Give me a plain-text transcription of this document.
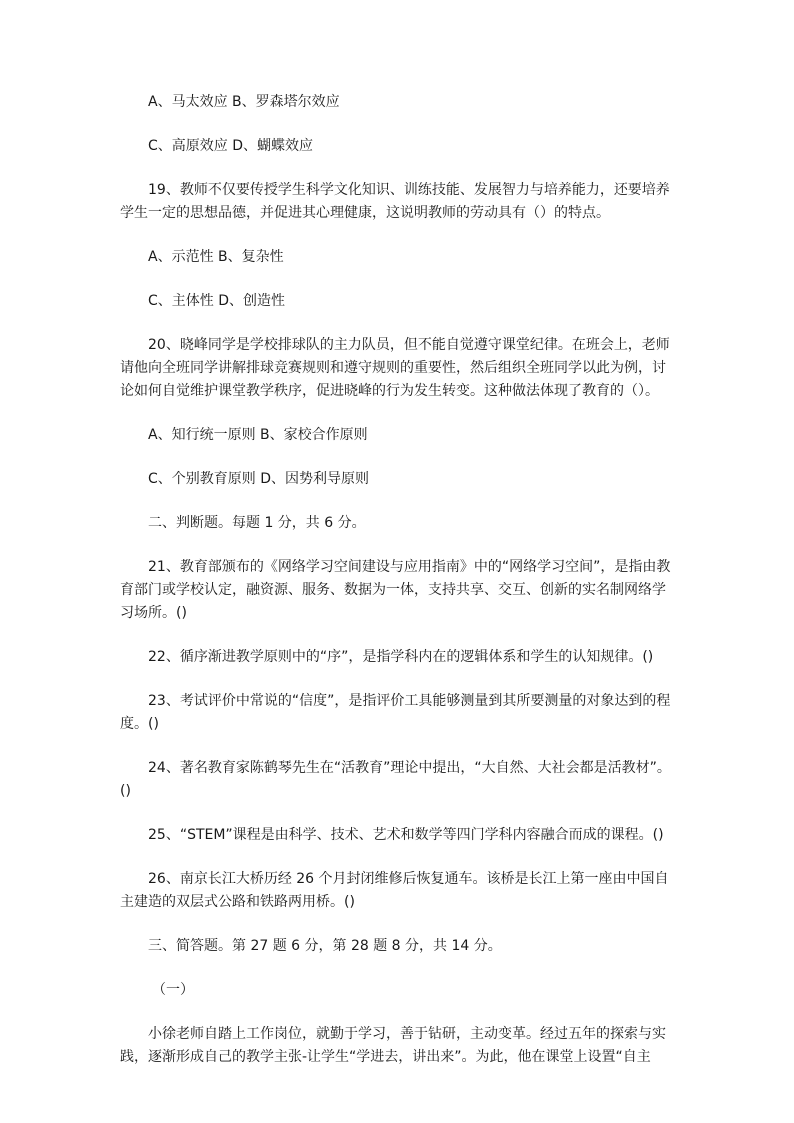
A、马太效应 B、罗森塔尔效应

C、高原效应 D、蝴蝶效应

19、教师不仅要传授学生科学文化知识、训练技能、发展智力与培养能力，还要培养学生一定的思想品德，并促进其心理健康，这说明教师的劳动具有（）的特点。

A、示范性 B、复杂性

C、主体性 D、创造性

20、晓峰同学是学校排球队的主力队员，但不能自觉遵守课堂纪律。在班会上，老师请他向全班同学讲解排球竞赛规则和遵守规则的重要性，然后组织全班同学以此为例，讨论如何自觉维护课堂教学秩序，促进晓峰的行为发生转变。这种做法体现了教育的（）。

A、知行统一原则 B、家校合作原则

C、个别教育原则 D、因势利导原则

二、判断题。每题 1 分，共 6 分。

21、教育部颁布的《网络学习空间建设与应用指南》中的“网络学习空间”，是指由教育部门或学校认定，融资源、服务、数据为一体，支持共享、交互、创新的实名制网络学习场所。()

22、循序渐进教学原则中的“序”，是指学科内在的逻辑体系和学生的认知规律。()

23、考试评价中常说的“信度”，是指评价工具能够测量到其所要测量的对象达到的程度。()

24、著名教育家陈鹤琴先生在“活教育”理论中提出，“大自然、大社会都是活教材”。()

25、“STEM”课程是由科学、技术、艺术和数学等四门学科内容融合而成的课程。()

26、南京长江大桥历经 26 个月封闭维修后恢复通车。该桥是长江上第一座由中国自主建造的双层式公路和铁路两用桥。()

三、简答题。第 27 题 6 分，第 28 题 8 分，共 14 分。

（一）

小徐老师自踏上工作岗位，就勤于学习，善于钻研，主动变革。经过五年的探索与实践，逐渐形成自己的教学主张-让学生“学进去，讲出来”。为此，他在课堂上设置“自主
